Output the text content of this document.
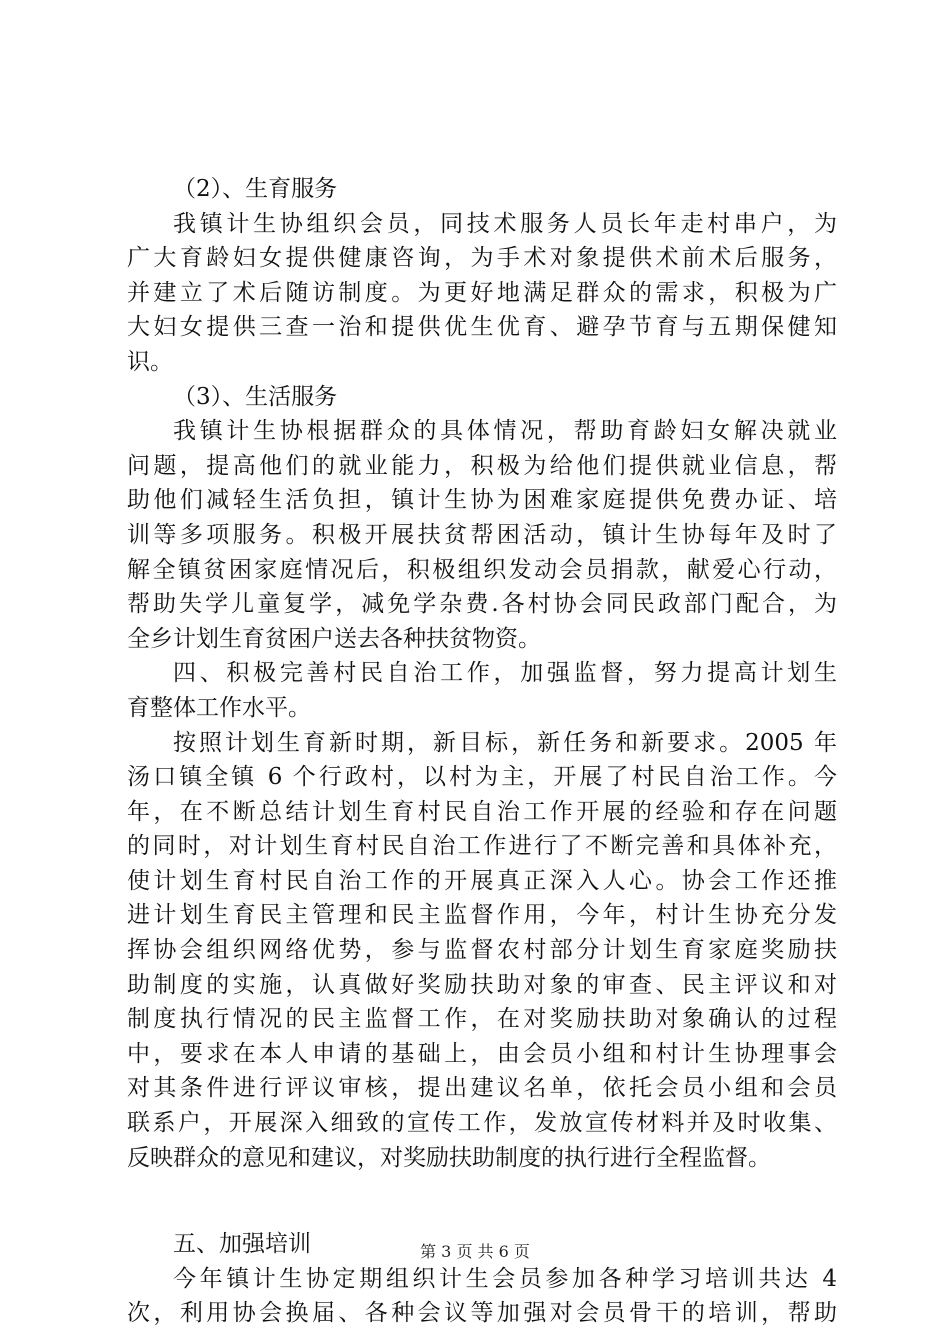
（2）、生育服务
我镇计生协组织会员，同技术服务人员长年走村串户，为
广大育龄妇女提供健康咨询，为手术对象提供术前术后服务，
并建立了术后随访制度。为更好地满足群众的需求，积极为广
大妇女提供三查一治和提供优生优育、避孕节育与五期保健知
识。
（3）、生活服务
我镇计生协根据群众的具体情况，帮助育龄妇女解决就业
问题，提高他们的就业能力，积极为给他们提供就业信息，帮
助他们减轻生活负担，镇计生协为困难家庭提供免费办证、培
训等多项服务。积极开展扶贫帮困活动，镇计生协每年及时了
解全镇贫困家庭情况后，积极组织发动会员捐款，献爱心行动，
帮助失学儿童复学，减免学杂费.各村协会同民政部门配合，为
全乡计划生育贫困户送去各种扶贫物资。
四、积极完善村民自治工作，加强监督，努力提高计划生
育整体工作水平。
按照计划生育新时期，新目标，新任务和新要求。2005 年
汤口镇全镇 6 个行政村，以村为主，开展了村民自治工作。今
年，在不断总结计划生育村民自治工作开展的经验和存在问题
的同时，对计划生育村民自治工作进行了不断完善和具体补充，
使计划生育村民自治工作的开展真正深入人心。协会工作还推
进计划生育民主管理和民主监督作用，今年，村计生协充分发
挥协会组织网络优势，参与监督农村部分计划生育家庭奖励扶
助制度的实施，认真做好奖励扶助对象的审查、民主评议和对
制度执行情况的民主监督工作，在对奖励扶助对象确认的过程
中，要求在本人申请的基础上，由会员小组和村计生协理事会
对其条件进行评议审核，提出建议名单，依托会员小组和会员
联系户，开展深入细致的宣传工作，发放宣传材料并及时收集、
反映群众的意见和建议，对奖励扶助制度的执行进行全程监督。
五、加强培训
今年镇计生协定期组织计生会员参加各种学习培训共达 4
次，利用协会换届、各种会议等加强对会员骨干的培训，帮助
第 3 页 共 6 页
